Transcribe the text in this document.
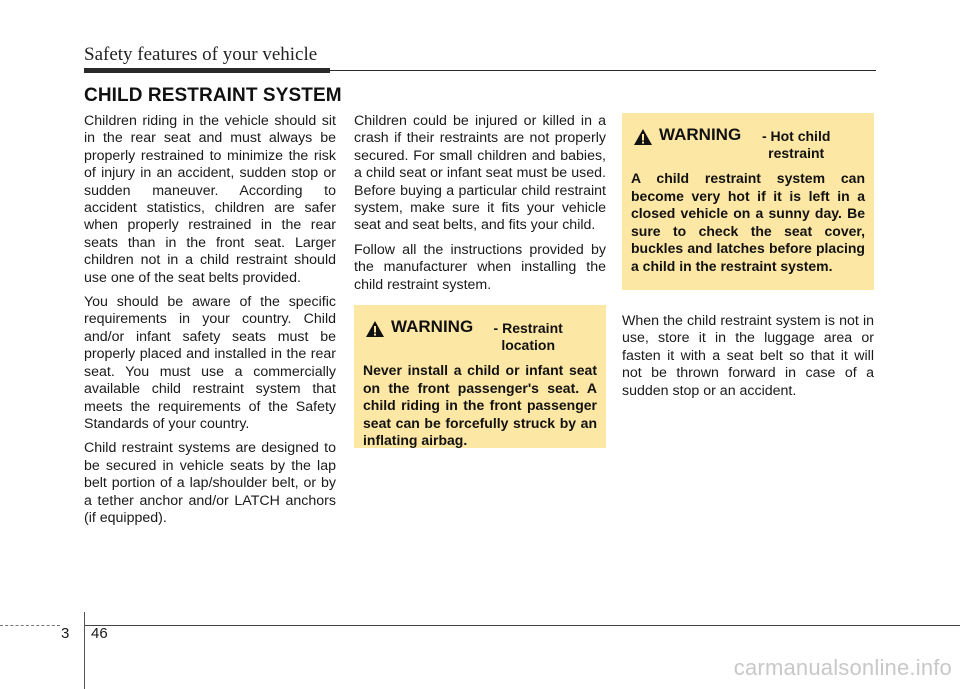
Safety features of your vehicle
CHILD RESTRAINT SYSTEM

Children riding in the vehicle should sit in the rear seat and must always be properly restrained to minimize the risk of injury in an accident, sudden stop or sudden maneuver. According to accident statistics, children are safer when properly restrained in the rear seats than in the front seat. Larger children not in a child restraint should use one of the seat belts provided.

You should be aware of the specific requirements in your country. Child and/or infant safety seats must be properly placed and installed in the rear seat. You must use a commercially available child restraint system that meets the requirements of the Safety Standards of your country.

Child restraint systems are designed to be secured in vehicle seats by the lap belt portion of a lap/shoulder belt, or by a tether anchor and/or LATCH anchors (if equipped).

Children could be injured or killed in a crash if their restraints are not properly secured. For small children and babies, a child seat or infant seat must be used. Before buying a particular child restraint system, make sure it fits your vehicle seat and seat belts, and fits your child.

Follow all the instructions provided by the manufacturer when installing the child restraint system.

WARNING	- Restraint location
Never install a child or infant seat on the front passenger's seat. A child riding in the front passenger seat can be forcefully struck by an inflating airbag.
WARNING	- Hot child restraint
A child restraint system can become very hot if it is left in a closed vehicle on a sunny day. Be sure to check the seat cover, buckles and latches before placing a child in the restraint system.

When the child restraint system is not in use, store it in the luggage area or fasten it with a seat belt so that it will not be thrown forward in case of a sudden stop or an accident.

3 46
carmanualsonline.info
